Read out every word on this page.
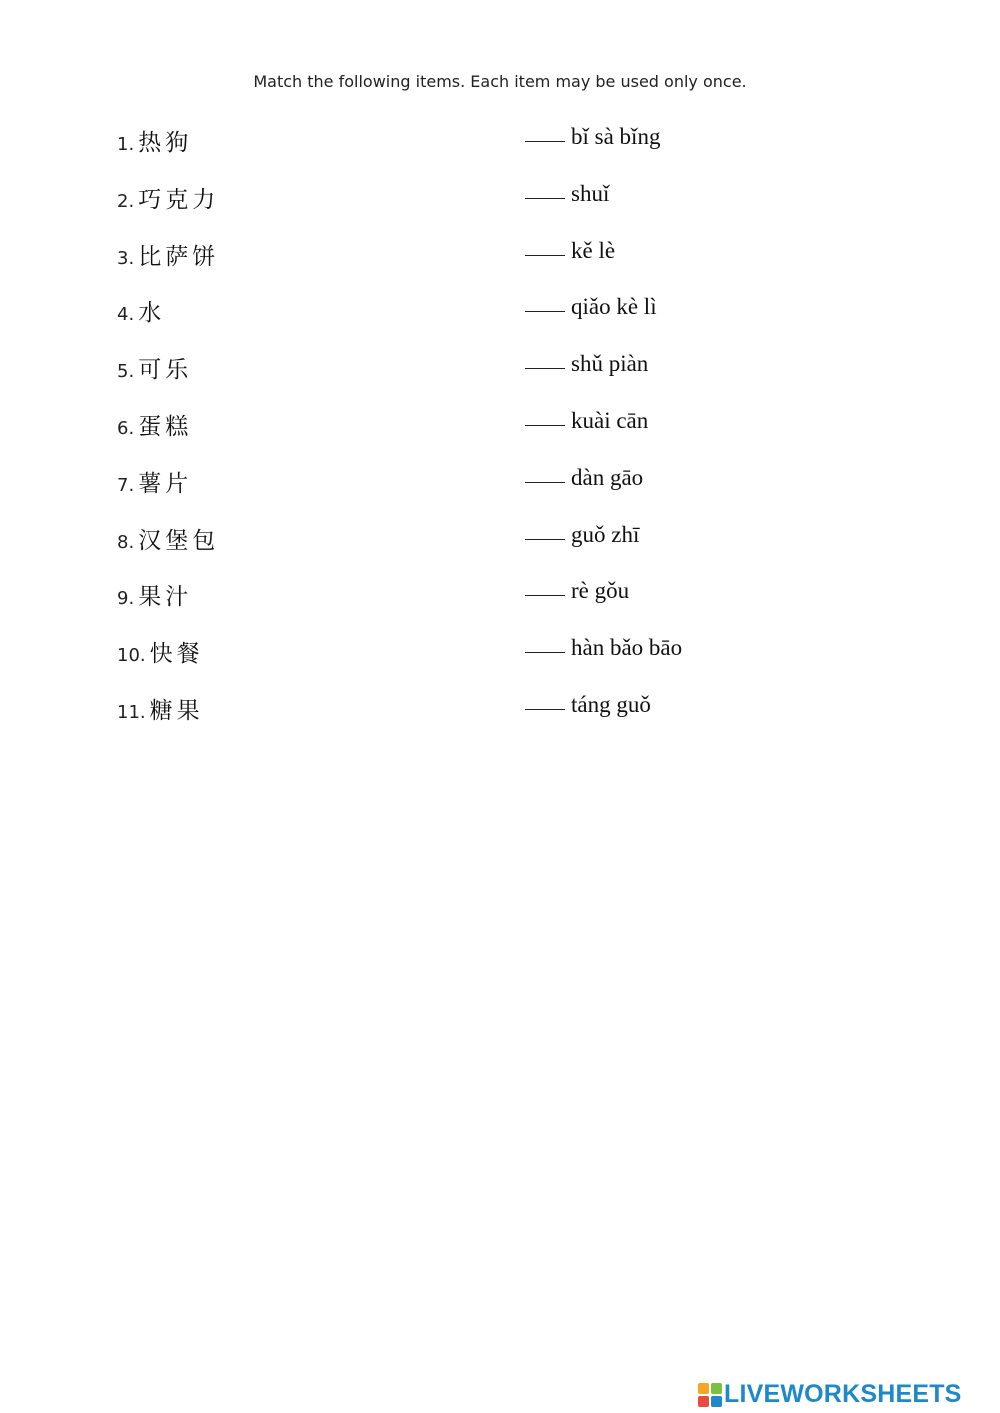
Match the following items. Each item may be used only once.
1. 热狗	bǐ sà bǐng
2. 巧克力	shuǐ
3. 比萨饼	kě lè
4. 水	qiǎo kè lì
5. 可乐	shǔ piàn
6. 蛋糕	kuài cān
7. 薯片	dàn gāo
8. 汉堡包	guǒ zhī
9. 果汁	rè gǒu
10. 快餐	hàn bǎo bāo
11. 糖果	táng guǒ
LIVEWORKSHEETS
